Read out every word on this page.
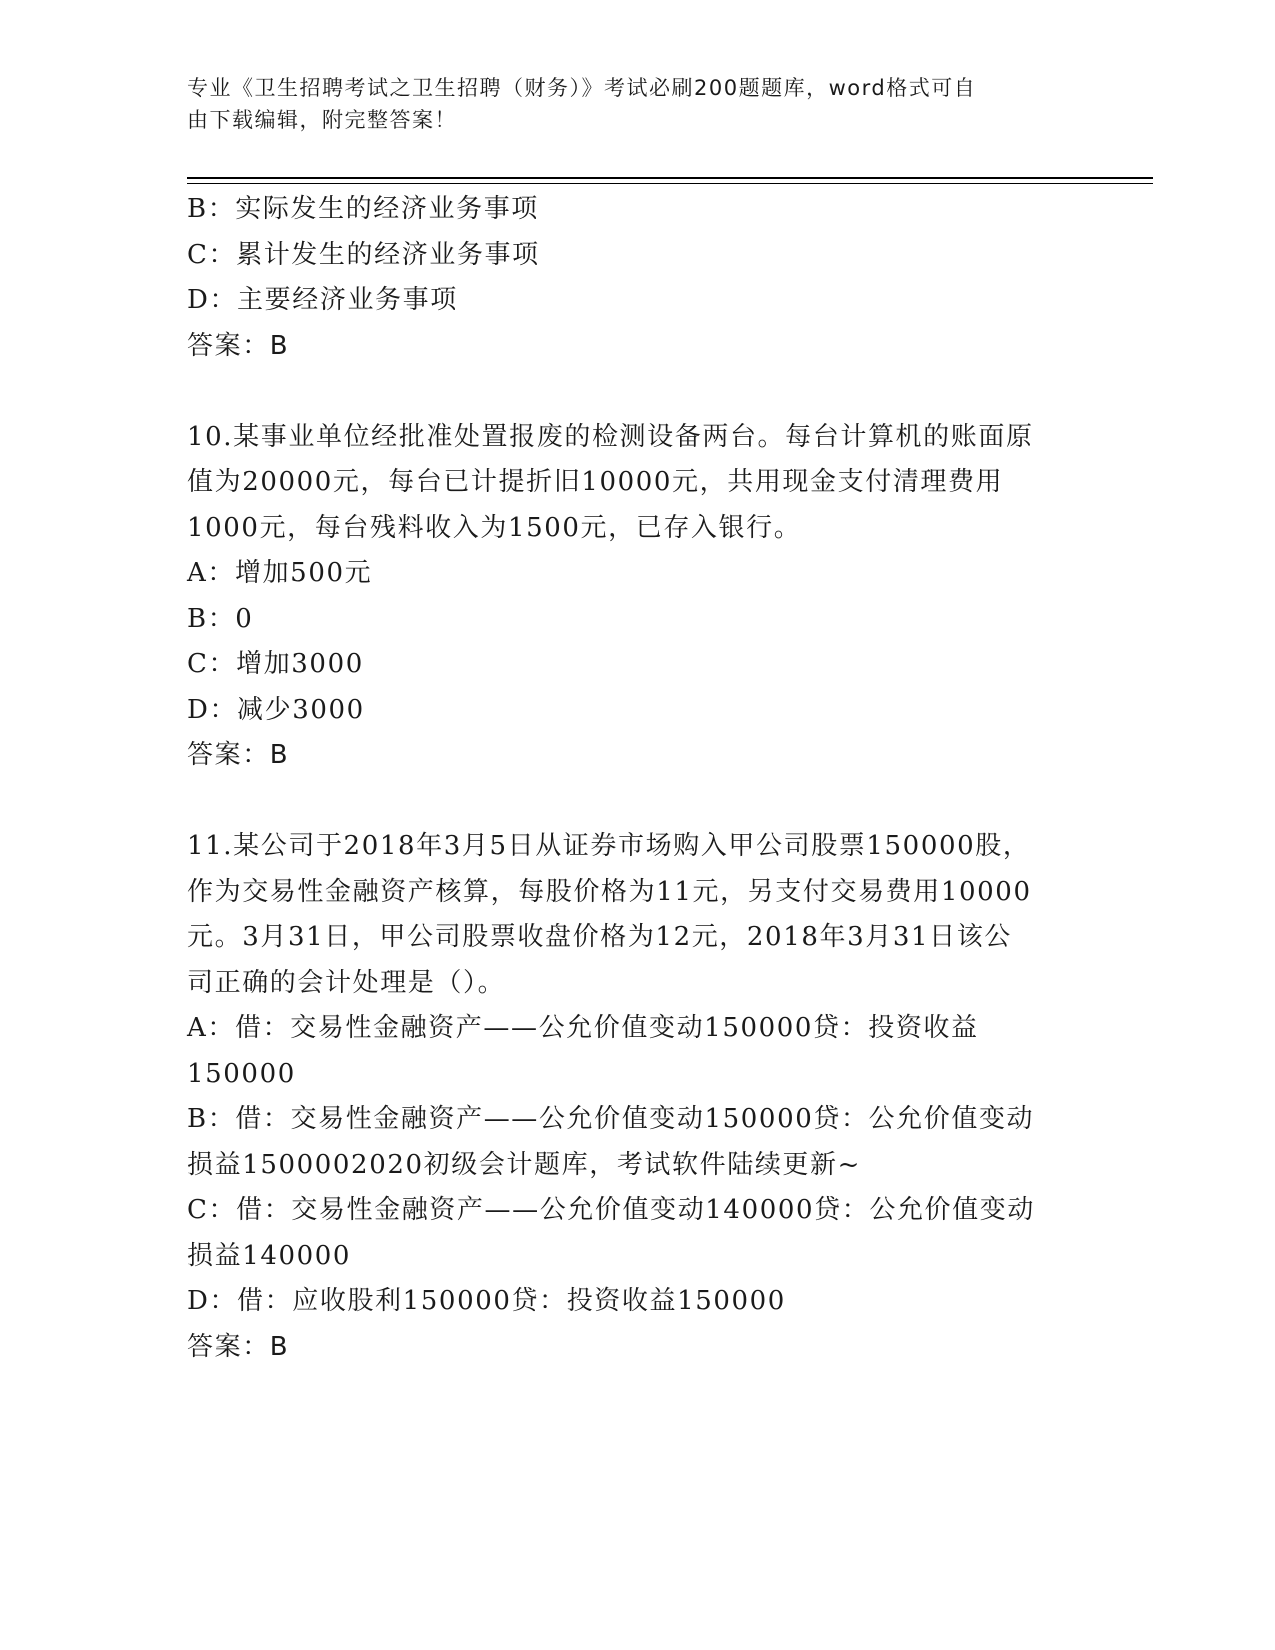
专业《卫生招聘考试之卫生招聘（财务）》考试必刷200题题库，word格式可自
由下载编辑，附完整答案！
B：实际发生的经济业务事项
C：累计发生的经济业务事项
D：主要经济业务事项
答案：B
10.某事业单位经批准处置报废的检测设备两台。每台计算机的账面原
值为20000元，每台已计提折旧10000元，共用现金支付清理费用
1000元，每台残料收入为1500元，已存入银行。
A：增加500元
B：0
C：增加3000
D：减少3000
答案：B
11.某公司于2018年3月5日从证券市场购入甲公司股票150000股，
作为交易性金融资产核算，每股价格为11元，另支付交易费用10000
元。3月31日，甲公司股票收盘价格为12元，2018年3月31日该公
司正确的会计处理是（）。
A：借：交易性金融资产——公允价值变动150000贷：投资收益
150000
B：借：交易性金融资产——公允价值变动150000贷：公允价值变动
损益1500002020初级会计题库，考试软件陆续更新~
C：借：交易性金融资产——公允价值变动140000贷：公允价值变动
损益140000
D：借：应收股利150000贷：投资收益150000
答案：B
